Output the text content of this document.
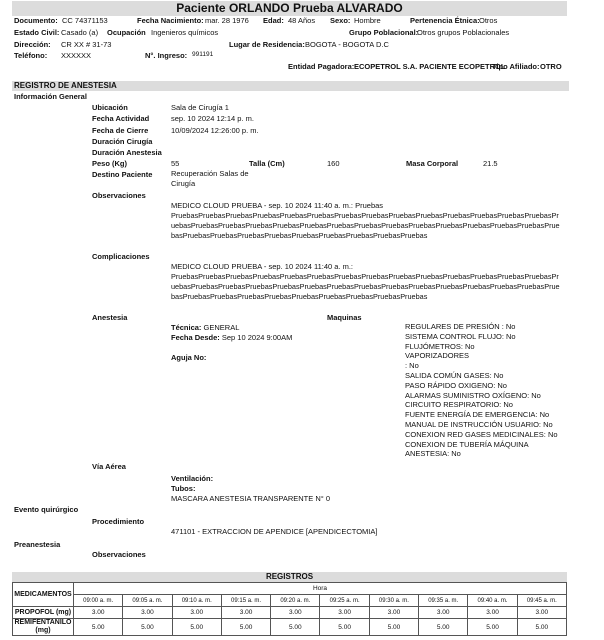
Paciente ORLANDO Prueba ALVARADO
Documento: CC 74371153	Fecha Nacimiento: mar. 28 1976 Edad: 48 Años Sexo: Hombre	Pertenencia Étnica: Otros
Estado Civil: Casado (a) Ocupación Ingenieros químicos	Grupo Poblacional:
Otros grupos Poblacionales
Dirección: CR XX # 31-73	Lugar de Residencia: BOGOTA - BOGOTA D.C
Teléfono: XXXXXX	N°. Ingreso: 991191
Entidad Pagadora: ECOPETROL S.A. PACIENTE ECOPETROL
Tipo Afiliado: OTRO
REGISTRO DE ANESTESIA
Información General
Ubicación	Sala de Cirugía 1
Fecha Actividad	sep. 10 2024 12:14 p. m.
Fecha de Cierre	10/09/2024 12:26:00 p. m.
Duración Cirugía
Duración Anestesia
Peso (Kg)	55	Talla (Cm)	160	Masa Corporal	21.5
Destino Paciente Recuperación Salas de
Cirugía
Observaciones
MEDICO CLOUD PRUEBA - sep. 10 2024 11:40 a. m.: Pruebas
PruebasPruebasPruebasPruebasPruebasPruebasPruebasPruebasPruebasPruebasPruebasPruebasPruebasPruebasPruebasPruebasPruebasPruebasPruebasPruebasPruebasPruebasPruebasPruebasPruebasPruebasPruebasPruebasPruebasPruebasPruebasPruebasPruebasPruebasPruebasPruebasPruebasPruebas
Complicaciones
MEDICO CLOUD PRUEBA - sep. 10 2024 11:40 a. m.:
PruebasPruebasPruebasPruebasPruebasPruebasPruebasPruebasPruebasPruebasPruebasPruebasPruebasPruebasPruebasPruebasPruebasPruebasPruebasPruebasPruebasPruebasPruebasPruebasPruebasPruebasPruebasPruebasPruebasPruebasPruebasPruebasPruebasPruebasPruebasPruebasPruebasPruebas
Anestesia	Maquinas
Técnica: GENERAL
Fecha Desde: Sep 10 2024 9:00AM
Aguja No:
REGULARES DE PRESIÓN : No
SISTEMA CONTROL FLUJO: No
FLUJÓMETROS: No
VAPORIZADORES
: No
SALIDA COMÚN GASES: No
PASO RÁPIDO OXIGENO: No
ALARMAS SUMINISTRO OXÍGENO: No
CIRCUITO RESPIRATORIO: No
FUENTE ENERGÍA DE EMERGENCIA: No
MANUAL DE INSTRUCCIÓN USUARIO: No
CONEXION RED GASES MEDICINALES: No
CONEXION DE TUBERÍA MÁQUINA
ANESTESIA: No
Vía Aérea
Ventilación:
Tubos:
MASCARA ANESTESIA TRANSPARENTE N° 0
Evento quirúrgico
Procedimiento
471101 - EXTRACCION DE APENDICE [APENDICECTOMIA]
Preanestesia
Observaciones
REGISTROS
MEDICAMENTOS	Hora									
	09:00 a. m.	09:05 a. m.	09:10 a. m.	09:15 a. m.	09:20 a. m.	09:25 a. m.	09:30 a. m.	09:35 a. m.	09:40 a. m.	09:45 a. m.
PROPOFOL (mg)	3.00	3.00	3.00	3.00	3.00	3.00	3.00	3.00	3.00	3.00
REMIFENTANILO (mg)	5.00	5.00	5.00	5.00	5.00	5.00	5.00	5.00	5.00	5.00
